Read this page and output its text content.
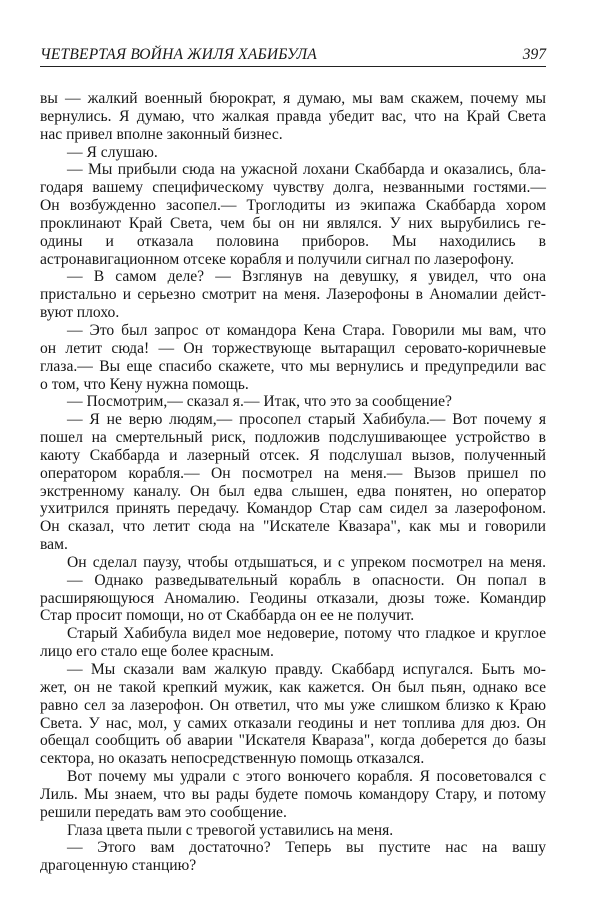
ЧЕТВЕРТАЯ ВОЙНА ЖИЛЯ ХАБИБУЛА	397
вы — жалкий военный бюрократ, я думаю, мы вам скажем, почему мы
вернулись. Я думаю, что жалкая правда убедит вас, что на Край Света
нас привел вполне законный бизнес.
— Я слушаю.
— Мы прибыли сюда на ужасной лохани Скаббарда и оказались, бла-
годаря вашему специфическому чувству долга, незванными гостями.—
Он возбужденно засопел.— Троглодиты из экипажа Скаббарда хором
проклинают Край Света, чем бы он ни являлся. У них вырубились ге-
одины и отказала половина приборов. Мы находились в
астронавигационном отсеке корабля и получили сигнал по лазерофону.
— В самом деле? — Взглянув на девушку, я увидел, что она
пристально и серьезно смотрит на меня. Лазерофоны в Аномалии дейст-
вуют плохо.
— Это был запрос от командора Кена Стара. Говорили мы вам, что
он летит сюда! — Он торжествующе вытаращил серовато-коричневые
глаза.— Вы еще спасибо скажете, что мы вернулись и предупредили вас
о том, что Кену нужна помощь.
— Посмотрим,— сказал я.— Итак, что это за сообщение?
— Я не верю людям,— просопел старый Хабибула.— Вот почему я
пошел на смертельный риск, подложив подслушивающее устройство в
каюту Скаббарда и лазерный отсек. Я подслушал вызов, полученный
оператором корабля.— Он посмотрел на меня.— Вызов пришел по
экстренному каналу. Он был едва слышен, едва понятен, но оператор
ухитрился принять передачу. Командор Стар сам сидел за лазерофоном.
Он сказал, что летит сюда на "Искателе Квазара", как мы и говорили
вам.
Он сделал паузу, чтобы отдышаться, и с упреком посмотрел на меня.
— Однако разведывательный корабль в опасности. Он попал в
расширяющуюся Аномалию. Геодины отказали, дюзы тоже. Командир
Стар просит помощи, но от Скаббарда он ее не получит.
Старый Хабибула видел мое недоверие, потому что гладкое и круглое
лицо его стало еще более красным.
— Мы сказали вам жалкую правду. Скаббард испугался. Быть мо-
жет, он не такой крепкий мужик, как кажется. Он был пьян, однако все
равно сел за лазерофон. Он ответил, что мы уже слишком близко к Краю
Света. У нас, мол, у самих отказали геодины и нет топлива для дюз. Он
обещал сообщить об аварии "Искателя Кваразa", когда доберется до базы
сектора, но оказать непосредственную помощь отказался.
Вот почему мы удрали с этого вонючего корабля. Я посоветовался с
Лиль. Мы знаем, что вы рады будете помочь командору Стару, и потому
решили передать вам это сообщение.
Глаза цвета пыли с тревогой уставились на меня.
— Этого вам достаточно? Теперь вы пустите нас на вашу
драгоценную станцию?
